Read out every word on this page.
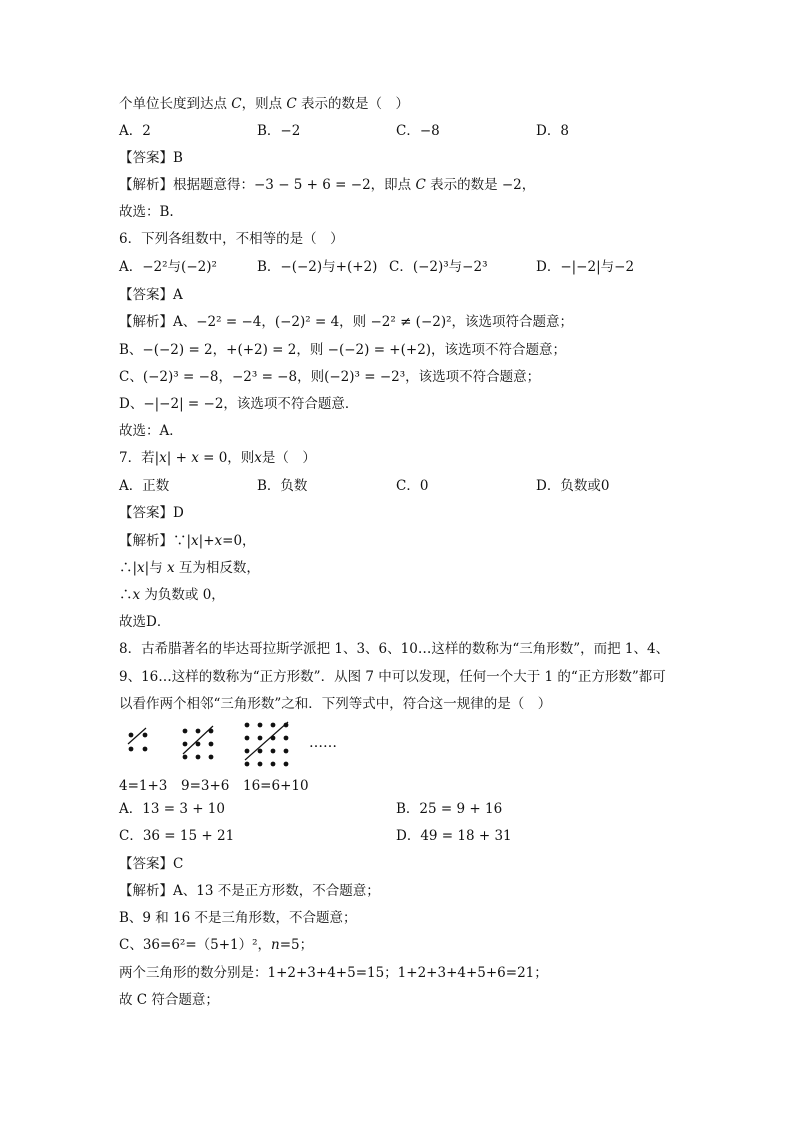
个单位长度到达点 𝐶，则点 𝐶 表示的数是（　）
A．2	B．−2	C．−8	D．8
【答案】B
【解析】根据题意得：−3 − 5 + 6 = −2，即点 𝐶 表示的数是 −2，
故选：B.
6．下列各组数中，不相等的是（　）
A．−2²与(−2)²	B．−(−2)与+(+2) C．(−2)³与−2³	D．−|−2|与−2
【答案】A
【解析】A、−2² = −4，(−2)² = 4，则 −2² ≠ (−2)²，该选项符合题意；
B、−(−2) = 2，+(+2) = 2，则 −(−2) = +(+2)，该选项不符合题意；
C、(−2)³ = −8，−2³ = −8，则(−2)³ = −2³，该选项不符合题意；
D、−|−2| = −2，该选项不符合题意．
故选：A．
7．若|𝑥| + 𝑥 = 0，则𝑥是（　）
A．正数	B．负数	C．0	D．负数或0
【答案】D
【解析】∵|𝑥|+𝑥=0，
∴|𝑥|与 𝑥 互为相反数，
∴𝑥 为负数或 0，
故选D．
8．古希腊著名的毕达哥拉斯学派把 1、3、6、10…这样的数称为“三角形数”，而把 1、4、
9、16…这样的数称为“正方形数”．从图 7 中可以发现，任何一个大于 1 的“正方形数”都可
以看作两个相邻“三角形数”之和．下列等式中，符合这一规律的是（　）
……
4=1+3 9=3+6 16=6+10
A．13 = 3 + 10	B．25 = 9 + 16
C．36 = 15 + 21	D．49 = 18 + 31
【答案】C
【解析】A、13 不是正方形数，不合题意；
B、9 和 16 不是三角形数，不合题意；
C、36=6²=（5+1）²，𝑛=5；
两个三角形的数分别是：1+2+3+4+5=15；1+2+3+4+5+6=21；
故 C 符合题意；
